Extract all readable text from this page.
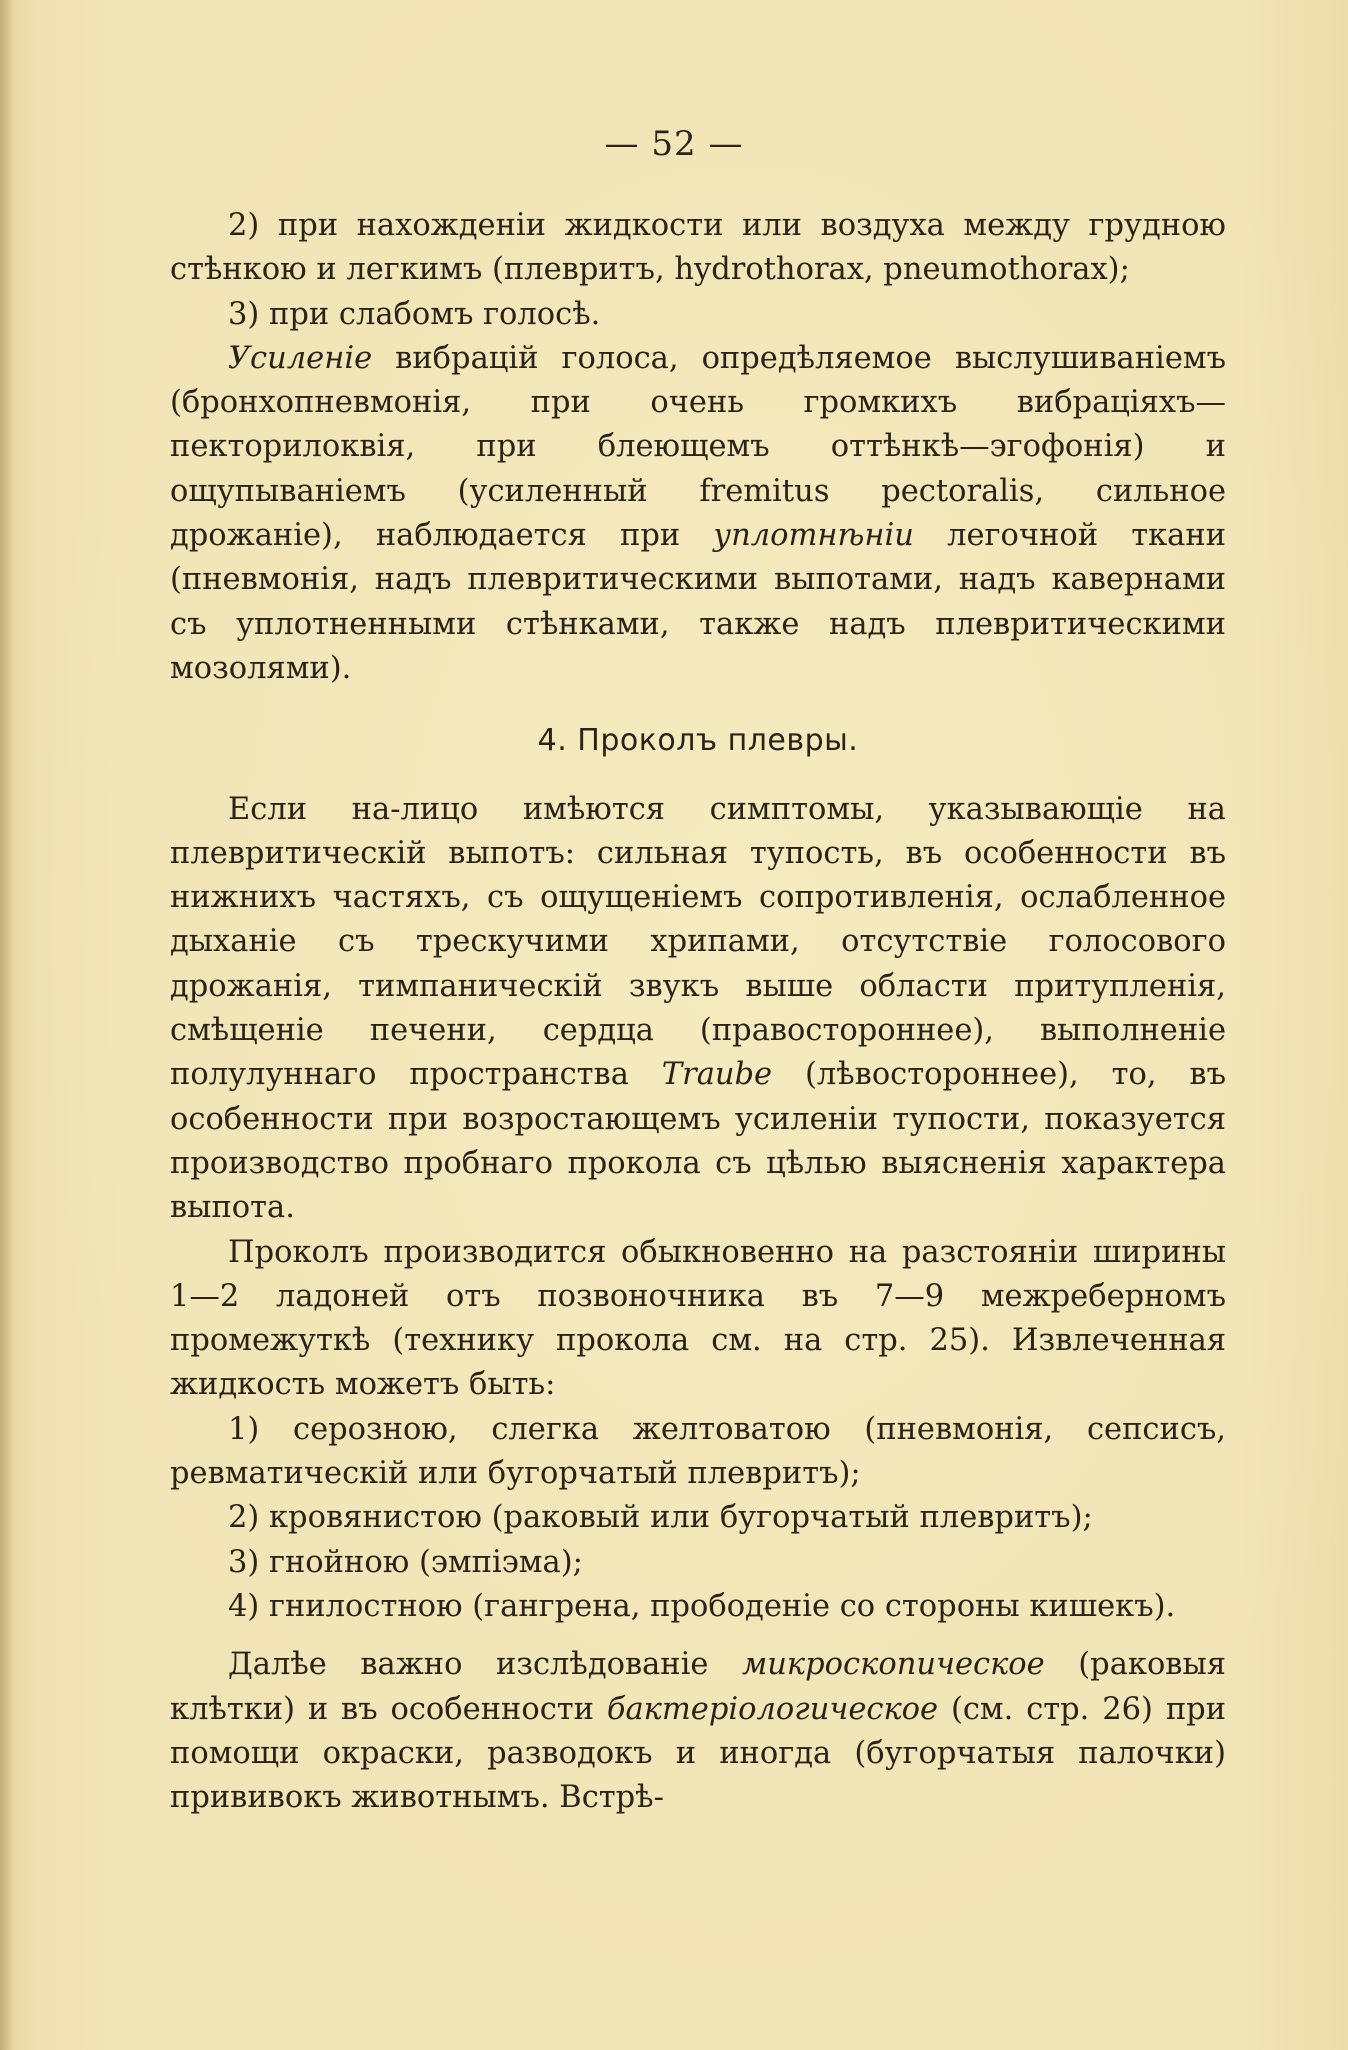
— 52 —

2) при нахожденіи жидкости или воздуха между грудною стѣнкою и легкимъ (плевритъ, hydrothorax, pneumothorax);

3) при слабомъ голосѣ.

Усиленіе вибрацій голоса, опредѣляемое выслушиваніемъ (бронхопневмонія, при очень громкихъ вибраціяхъ—пекторилоквія, при блеющемъ оттѣнкѣ—эгофонія) и ощупываніемъ (усиленный fremitus pectoralis, сильное дрожаніе), наблюдается при уплотнѣніи легочной ткани (пневмонія, надъ плевритическими выпотами, надъ кавернами съ уплотненными стѣнками, также надъ плевритическими мозолями).

4. Проколъ плевры.

Если на-лицо имѣются симптомы, указывающіе на плевритическій выпотъ: сильная тупость, въ особенности въ нижнихъ частяхъ, съ ощущеніемъ сопротивленія, ослабленное дыханіе съ трескучими хрипами, отсутствіе голосового дрожанія, тимпаническій звукъ выше области притупленія, смѣщеніе печени, сердца (правостороннее), выполненіе полулуннаго пространства Traube (лѣвостороннее), то, въ особенности при возростающемъ усиленіи тупости, показуется производство пробнаго прокола съ цѣлью выясненія характера выпота.

Проколъ производится обыкновенно на разстояніи ширины 1—2 ладоней отъ позвоночника въ 7—9 межреберномъ промежуткѣ (технику прокола см. на стр. 25). Извлеченная жидкость можетъ быть:

1) серозною, слегка желтоватою (пневмонія, сепсисъ, ревматическій или бугорчатый плевритъ);

2) кровянистою (раковый или бугорчатый плевритъ);

3) гнойною (эмпіэма);

4) гнилостною (гангрена, прободеніе со стороны кишекъ).

Далѣе важно изслѣдованіе микроскопическое (раковыя клѣтки) и въ особенности бактеріологическое (см. стр. 26) при помощи окраски, разводокъ и иногда (бугорчатыя палочки) прививокъ животнымъ. Встрѣ-
